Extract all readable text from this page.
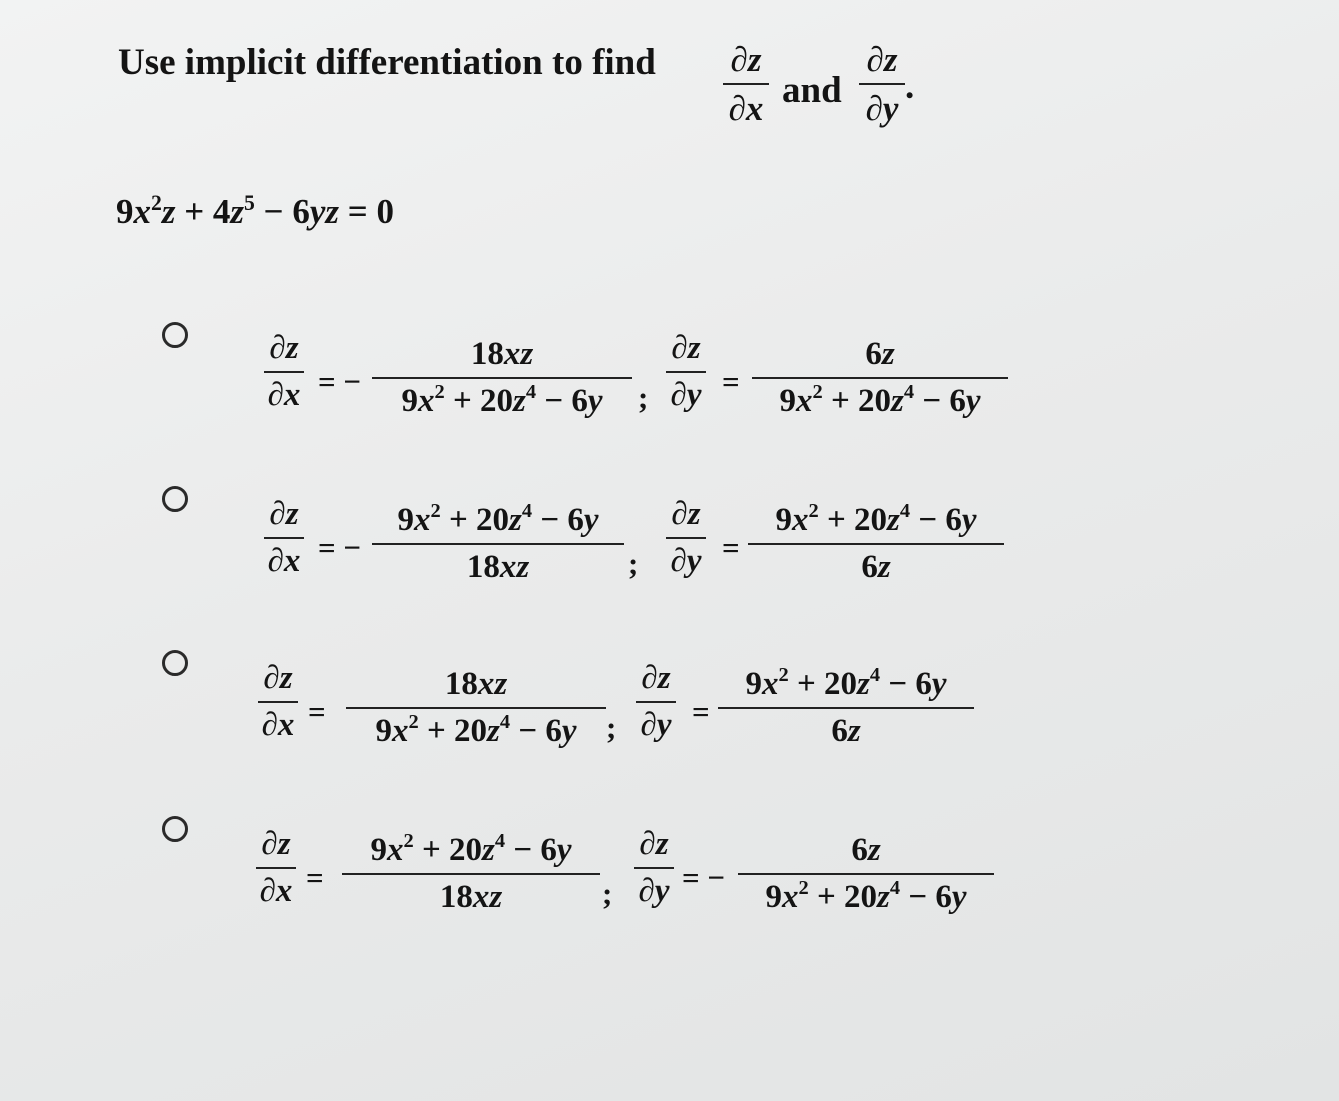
Use implicit differentiation to find ∂z
∂x and
∂z
∂y
.
$9x^2z + 4z^5 - 6yz = 0$
∂z
∂x = −
18xz
$9x^2 + 20z^4 - 6y$ ;
∂z
∂y =
6z
$9x^2 + 20z^4 - 6y$
∂z
∂x = −
$9x^2 + 20z^4 - 6y$
18xz	;
∂z
∂y =
$9x^2 + 20z^4 - 6y$
6z
∂z
∂x =
18xz
$9x^2 + 20z^4 - 6y$ ;
∂z
∂y =
$9x^2 + 20z^4 - 6y$
6z
∂z
∂x =
$9x^2 + 20z^4 - 6y$
18xz	;
∂z
∂y = −
6z
$9x^2 + 20z^4 - 6y$
